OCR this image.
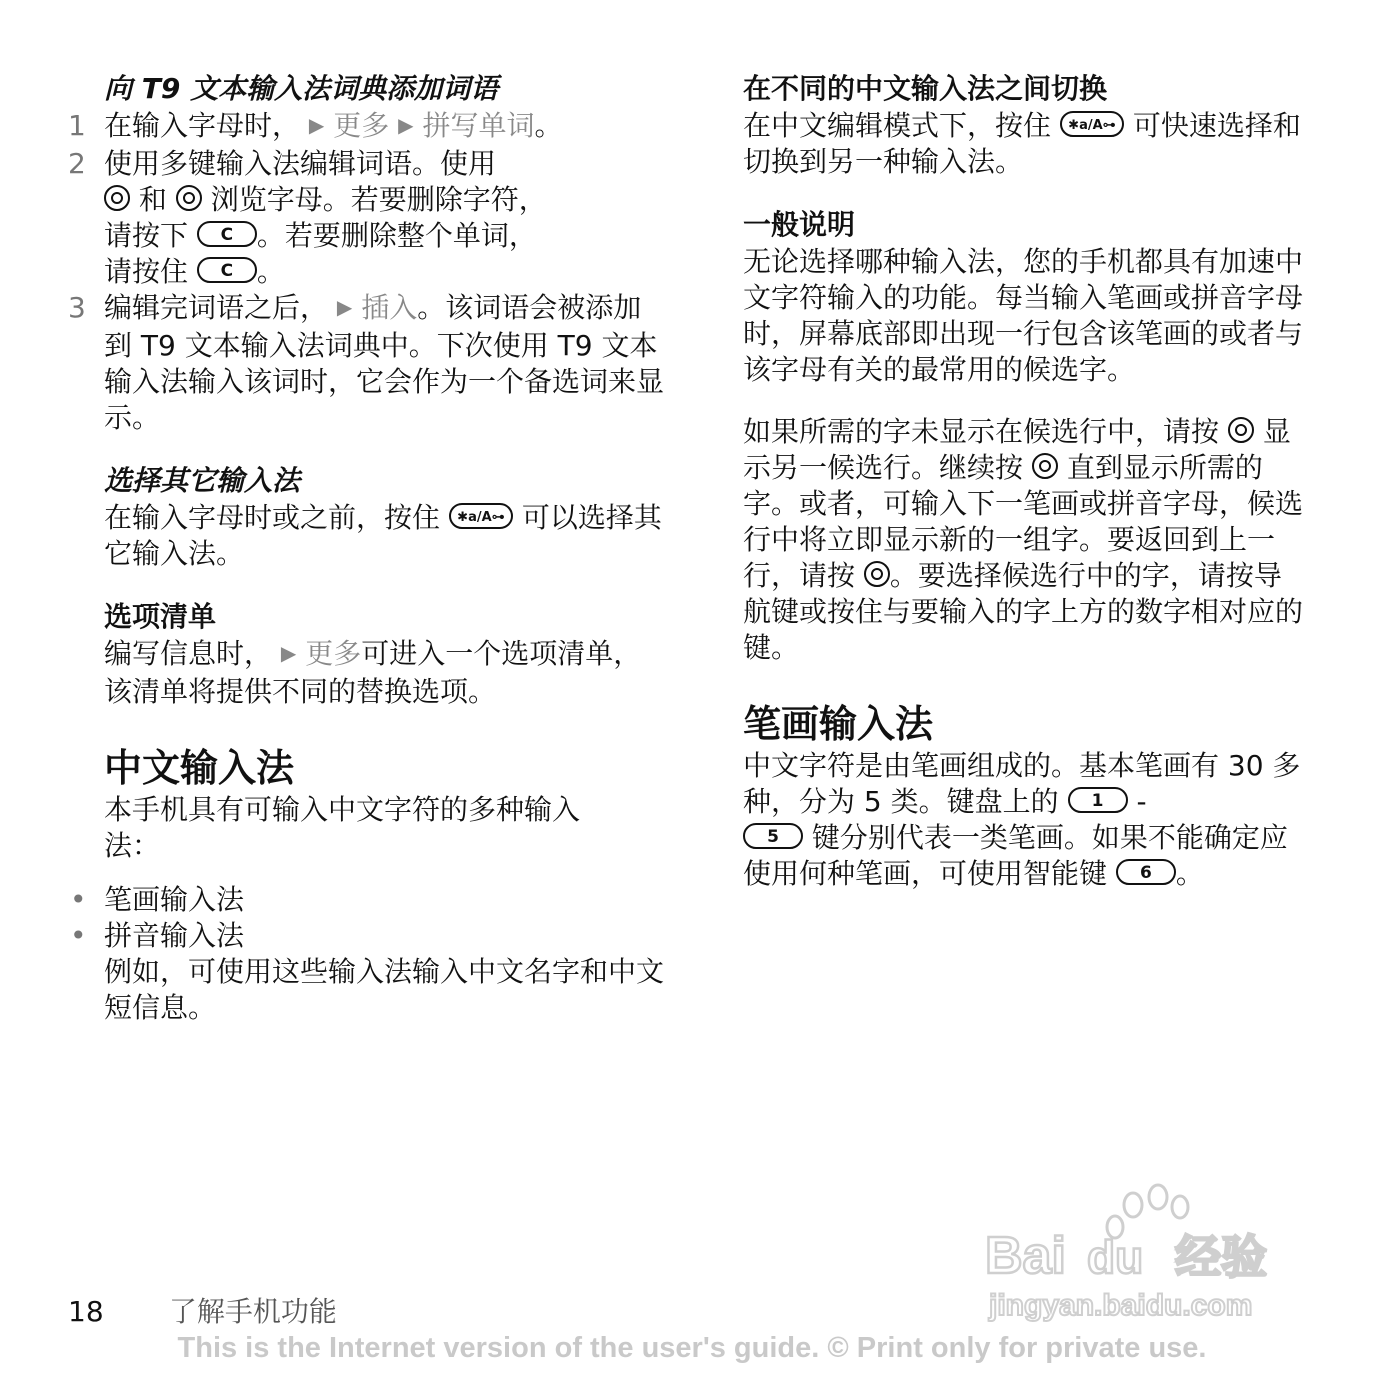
向 T9 文本输入法词典添加词语
1 在输入字母时， ▶ 更多 ▶ 拼写单词。
2 使用多键输入法编辑词语。使用
和 浏览字母。若要删除字符，
请按下 C 。若要删除整个单词，
请按住 C 。
3 编辑完词语之后， ▶ 插入。该词语会被添加到 T9 文本输入法词典中。下次使用 T9 文本输入法输入该词时，它会作为一个备选词来显示。
选择其它输入法

在输入字母时或之前，按住 ✱a/A⊶ 可以选择其它输入法。

选项清单

编写信息时， ▶ 更多可进入一个选项清单，该清单将提供不同的替换选项。

中文输入法

本手机具有可输入中文字符的多种输入法：

• 笔画输入法
• 拼音输入法

例如，可使用这些输入法输入中文名字和中文短信息。

在不同的中文输入法之间切换

在中文编辑模式下，按住 ✱a/A⊶ 可快速选择和切换到另一种输入法。

一般说明

无论选择哪种输入法，您的手机都具有加速中文字符输入的功能。每当输入笔画或拼音字母时，屏幕底部即出现一行包含该笔画的或者与该字母有关的最常用的候选字。

如果所需的字未显示在候选行中，请按 显示另一候选行。继续按 直到显示所需的字。或者，可输入下一笔画或拼音字母，候选行中将立即显示新的一组字。要返回到上一行，请按 。要选择候选行中的字，请按导航键或按住与要输入的字上方的数字相对应的键。

笔画输入法

中文字符是由笔画组成的。基本笔画有 30 多种，分为 5 类。键盘上的 1 -
5 键分别代表一类笔画。如果不能确定应使用何种笔画，可使用智能键 6 。

Bai du 经验
jingyan.baidu.com
18 了解手机功能
This is the Internet version of the user's guide. © Print only for private use.
